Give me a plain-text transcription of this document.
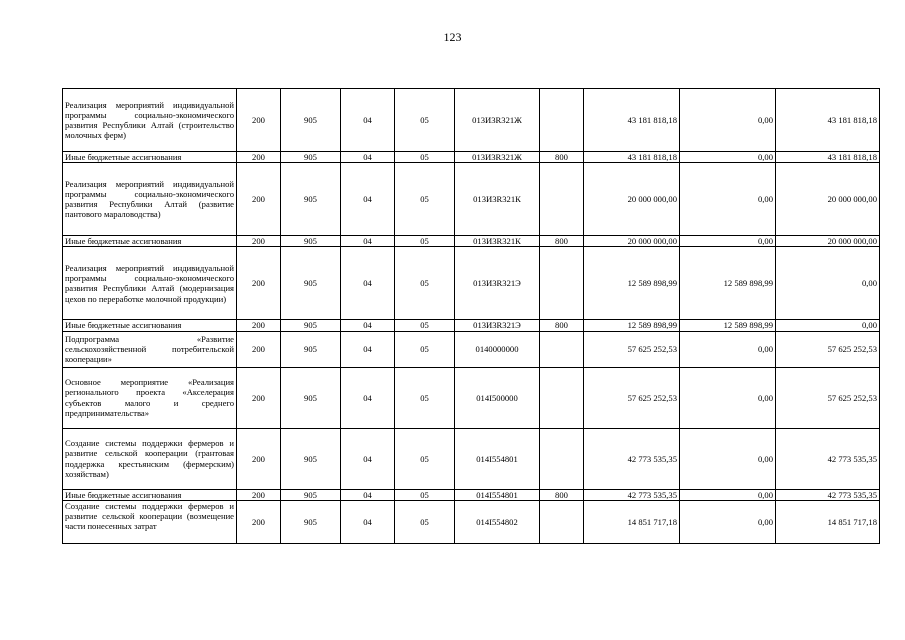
123
Реализация мероприятий индивидуальной программы социально-экономического развития Республики Алтай (строительство молочных ферм)	200	905	04	05	013И3R321Ж		43 181 818,18	0,00	43 181 818,18
Иные бюджетные ассигнования	200	905	04	05	013И3R321Ж	800	43 181 818,18	0,00	43 181 818,18
Реализация мероприятий индивидуальной программы социально-экономического развития Республики Алтай (развитие пантового мараловодства)	200	905	04	05	013И3R321К		20 000 000,00	0,00	20 000 000,00
Иные бюджетные ассигнования	200	905	04	05	013И3R321К	800	20 000 000,00	0,00	20 000 000,00
Реализация мероприятий индивидуальной программы социально-экономического развития Республики Алтай (модернизация цехов по переработке молочной продукции)	200	905	04	05	013И3R321Э		12 589 898,99	12 589 898,99	0,00
Иные бюджетные ассигнования	200	905	04	05	013И3R321Э	800	12 589 898,99	12 589 898,99	0,00
Подпрограмма «Развитие сельскохозяйственной потребительской кооперации»	200	905	04	05	0140000000		57 625 252,53	0,00	57 625 252,53
Основное мероприятие «Реализация регионального проекта «Акселерация субъектов малого и среднего предпринимательства»	200	905	04	05	014I500000		57 625 252,53	0,00	57 625 252,53
Создание системы поддержки фермеров и развитие сельской кооперации (грантовая поддержка крестьянским (фермерским) хозяйствам)	200	905	04	05	014I554801		42 773 535,35	0,00	42 773 535,35
Иные бюджетные ассигнования	200	905	04	05	014I554801	800	42 773 535,35	0,00	42 773 535,35

Создание системы поддержки фермеров и развитие сельской кооперации (возмещение части понесенных затрат	200	905	04	05	014I554802		14 851 717,18	0,00	14 851 717,18
